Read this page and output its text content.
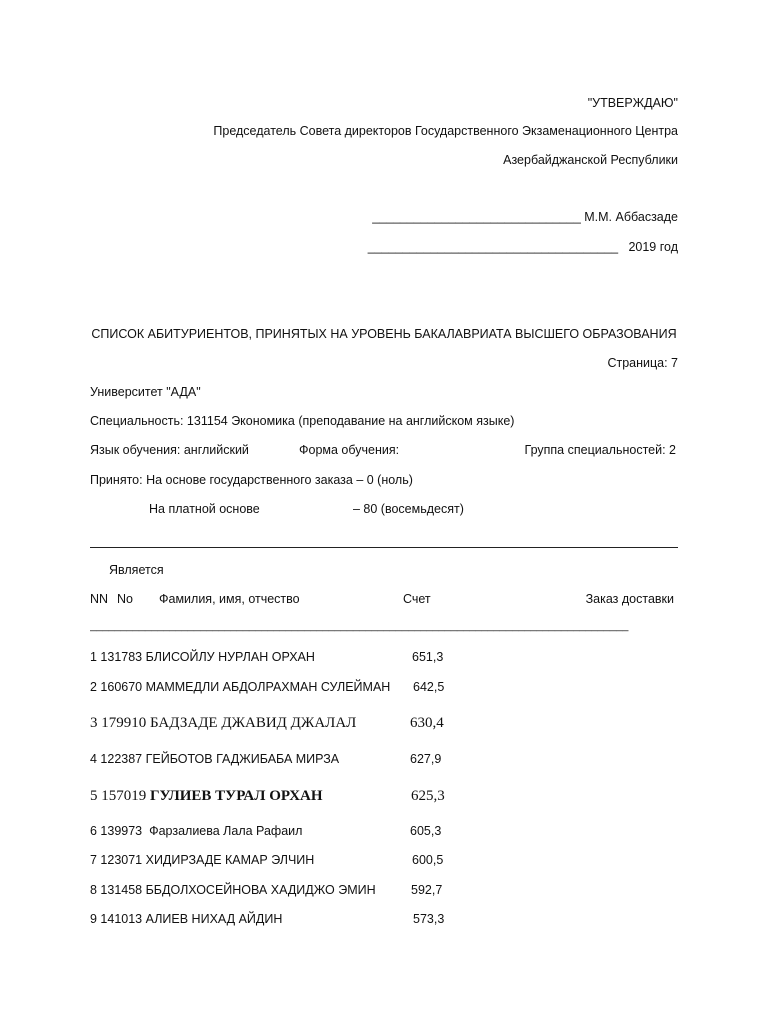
"УТВЕРЖДАЮ"
Председатель Совета директоров Государственного Экзаменационного Центра
Азербайджанской Республики
______________________________ М.М. Аббасзаде
____________________________________   2019 год
СПИСОК АБИТУРИЕНТОВ, ПРИНЯТЫХ НА УРОВЕНЬ БАКАЛАВРИАТА ВЫСШЕГО ОБРАЗОВАНИЯ
Страница: 7
Университет "АДА"
Специальность: 131154 Экономика (преподавание на английском языке)
Язык обучения: английский	Форма обучения:	Группа специальностей: 2
Принято: На основе государственного заказа – 0 (ноль)
На платной основе	– 80 (восемьдесят)
Является
NN No Фамилия, имя, отчество	Счет	Заказ доставки
________________________________________________________________________________________
1 131783 БЛИСОЙЛУ НУРЛАН ОРХАН	651,3
2 160670 МАММЕДЛИ АБДОЛРАХМАН СУЛЕЙМАН 642,5
3 179910 БАДЗАДЕ ДЖАВИД ДЖАЛАЛ	630,4
4 122387 ГЕЙБОТОВ ГАДЖИБАБА МИРЗА	627,9
5 157019 ГУЛИЕВ ТУРАЛ ОРХАН	625,3
6 139973  Фарзалиева Лала Рафаил	605,3
7 123071 ХИДИРЗАДЕ КАМАР ЭЛЧИН	600,5
8 131458 ББДОЛХОСЕЙНОВА ХАДИДЖО ЭМИН	592,7
9 141013 АЛИЕВ НИХАД АЙДИН	573,3
